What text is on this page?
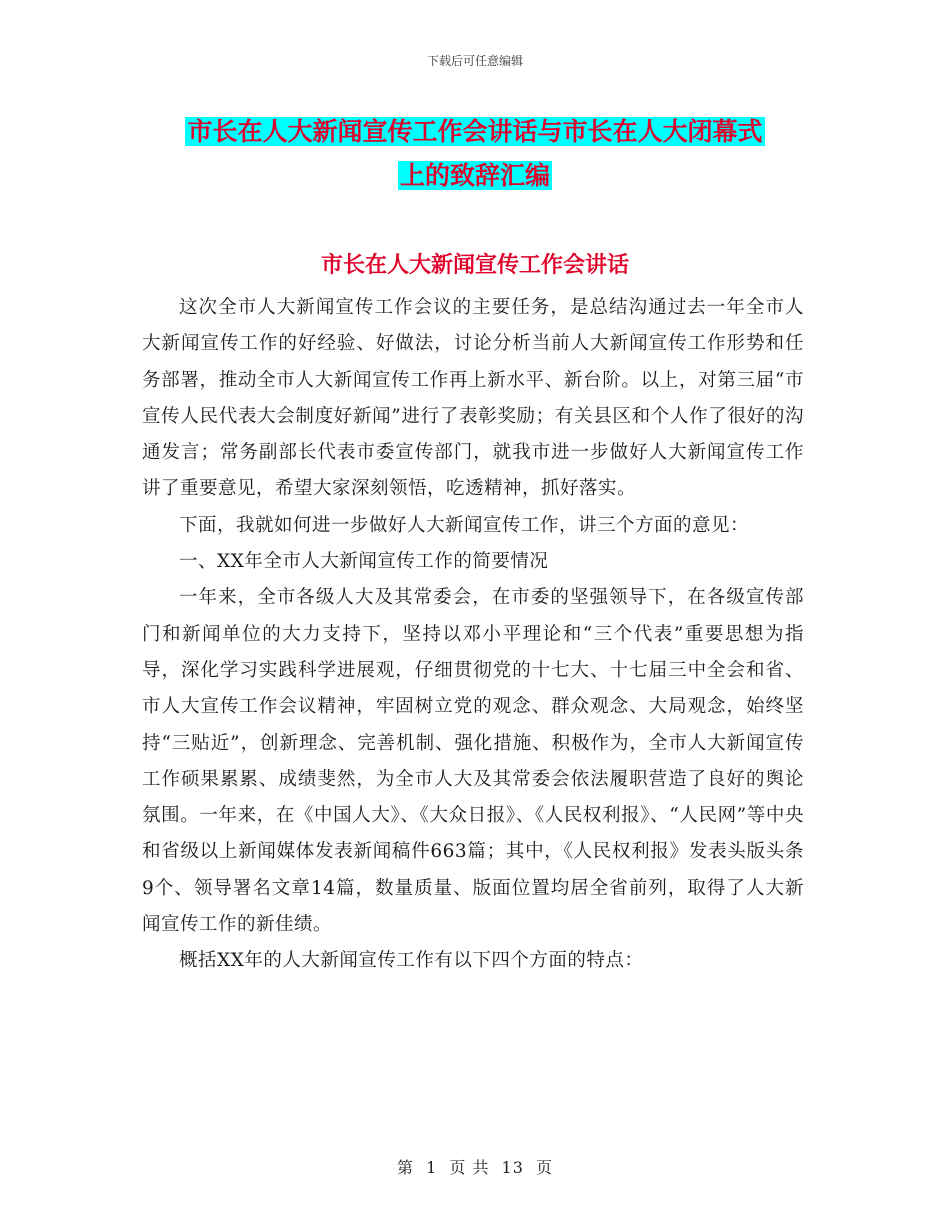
下载后可任意编辑
市长在人大新闻宣传工作会讲话与市长在人大闭幕式
上的致辞汇编
市长在人大新闻宣传工作会讲话

这次全市人大新闻宣传工作会议的主要任务，是总结沟通过去一年全市人大新闻宣传工作的好经验、好做法，讨论分析当前人大新闻宣传工作形势和任务部署，推动全市人大新闻宣传工作再上新水平、新台阶。以上，对第三届“市宣传人民代表大会制度好新闻”进行了表彰奖励；有关县区和个人作了很好的沟通发言；常务副部长代表市委宣传部门，就我市进一步做好人大新闻宣传工作讲了重要意见，希望大家深刻领悟，吃透精神，抓好落实。

下面，我就如何进一步做好人大新闻宣传工作，讲三个方面的意见：

一、XX年全市人大新闻宣传工作的简要情况

一年来，全市各级人大及其常委会，在市委的坚强领导下，在各级宣传部门和新闻单位的大力支持下，坚持以邓小平理论和“三个代表”重要思想为指导，深化学习实践科学进展观，仔细贯彻党的十七大、十七届三中全会和省、市人大宣传工作会议精神，牢固树立党的观念、群众观念、大局观念，始终坚持“三贴近”，创新理念、完善机制、强化措施、积极作为，全市人大新闻宣传工作硕果累累、成绩斐然，为全市人大及其常委会依法履职营造了良好的舆论氛围。一年来，在《中国人大》、《大众日报》、《人民权利报》、“人民网”等中央和省级以上新闻媒体发表新闻稿件663篇；其中，《人民权利报》发表头版头条9个、领导署名文章14篇，数量质量、版面位置均居全省前列，取得了人大新闻宣传工作的新佳绩。

概括XX年的人大新闻宣传工作有以下四个方面的特点：

第 1 页 共 13 页
